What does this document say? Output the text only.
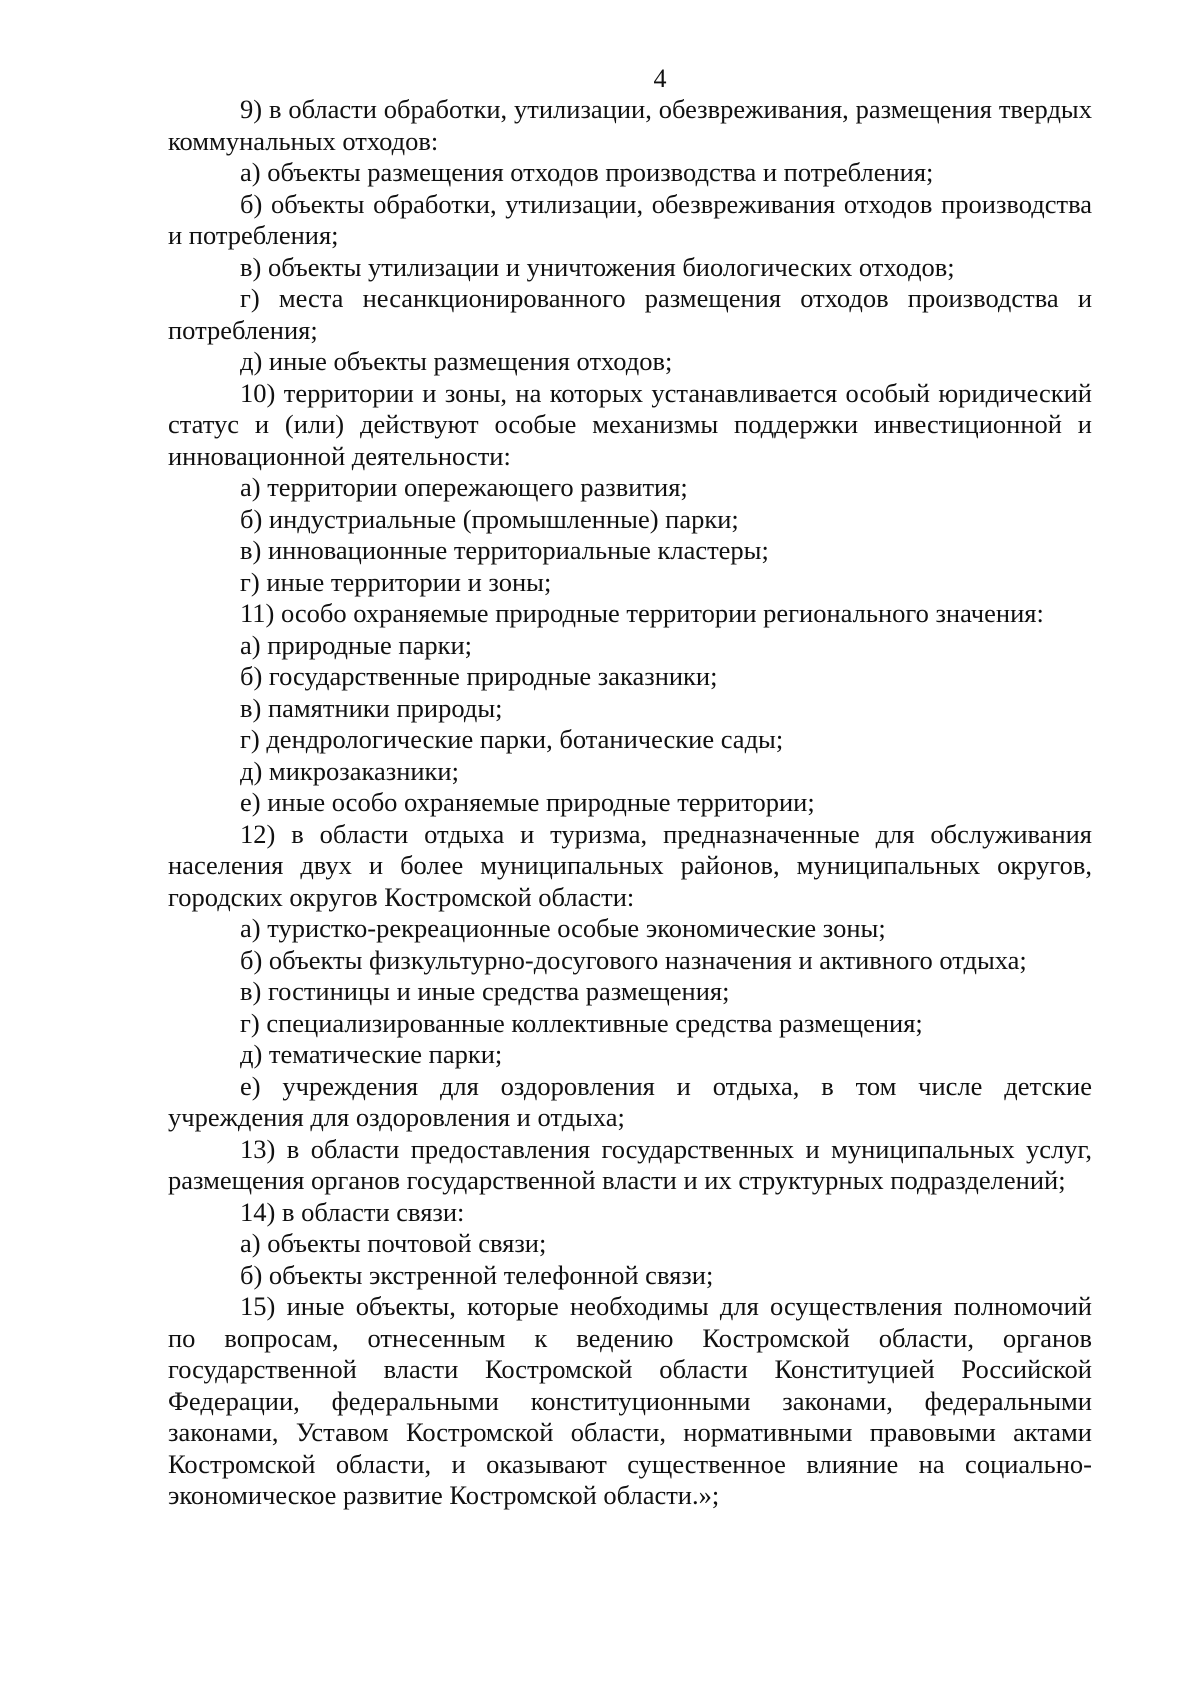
4

9) в области обработки, утилизации, обезвреживания, размещения твердых коммунальных отходов:

а) объекты размещения отходов производства и потребления;

б) объекты обработки, утилизации, обезвреживания отходов производства и потребления;

в) объекты утилизации и уничтожения биологических отходов;

г) места несанкционированного размещения отходов производства и потребления;

д) иные объекты размещения отходов;

10) территории и зоны, на которых устанавливается особый юридический статус и (или) действуют особые механизмы поддержки инвестиционной и инновационной деятельности:

а) территории опережающего развития;

б) индустриальные (промышленные) парки;

в) инновационные территориальные кластеры;

г) иные территории и зоны;

11) особо охраняемые природные территории регионального значения:

а) природные парки;

б) государственные природные заказники;

в) памятники природы;

г) дендрологические парки, ботанические сады;

д) микрозаказники;

е) иные особо охраняемые природные территории;

12) в области отдыха и туризма, предназначенные для обслуживания населения двух и более муниципальных районов, муниципальных округов, городских округов Костромской области:

а) туристко-рекреационные особые экономические зоны;

б) объекты физкультурно-досугового назначения и активного отдыха;

в) гостиницы и иные средства размещения;

г) специализированные коллективные средства размещения;

д) тематические парки;

е) учреждения для оздоровления и отдыха, в том числе детские учреждения для оздоровления и отдыха;

13) в области предоставления государственных и муниципальных услуг, размещения органов государственной власти и их структурных подразделений;

14) в области связи:

а) объекты почтовой связи;

б) объекты экстренной телефонной связи;

15) иные объекты, которые необходимы для осуществления полномочий по вопросам, отнесенным к ведению Костромской области, органов государственной власти Костромской области Конституцией Российской Федерации, федеральными конституционными законами, федеральными законами, Уставом Костромской области, нормативными правовыми актами Костромской области, и оказывают существенное влияние на социально-экономическое развитие Костромской области.»;
